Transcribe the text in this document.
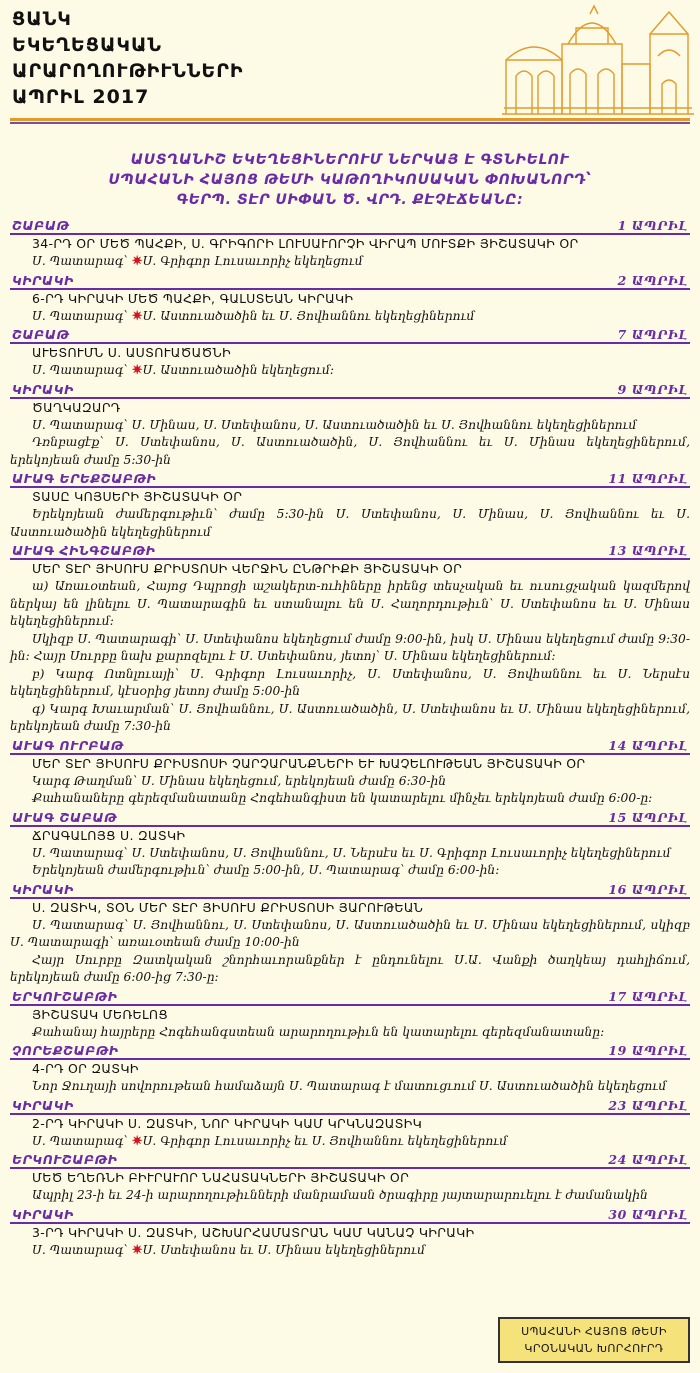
ՑԱՆԿ
ԵԿԵՂԵՑԱԿԱՆ
ԱՐԱՐՈՂՈՒԹԻՒՆՆԵՐԻ
ԱՊՐԻԼ 2017
ԱՍՏՂԱՆԻՇ ԵԿԵՂԵՑԻՆԵՐՈՒՄ ՆԵՐԿԱՅ Է ԳՏՆԻԵԼՈՒ
ՍՊԱՀԱՆԻ ՀԱՅՈՑ ԹԵՄԻ ԿԱԹՈՂԻԿՈՍԱԿԱՆ ՓՈԽԱՆՈՐԴ՝
ԳԵՐՊ. ՏԷՐ ՍԻՓԱՆ Ծ. ՎՐԴ. ՔԷՉԷՃԵԱՆԸ:
ՇԱԲԱԹ	1 ԱՊՐԻԼ
34-ՐԴ ՕՐ ՄԵԾ ՊԱՀՔԻ, Ս. ԳՐԻԳՈՐԻ ԼՈՒՍԱՒՈՐՉԻ ՎԻՐԱՊ ՄՈՒՏՔԻ ՅԻՇԱՏԱԿԻ ՕՐ
Ս. Պատարագ՝ ✷Ս. Գրիգոր Լուսաւորիչ եկեղեցում
ԿԻՐԱԿԻ	2 ԱՊՐԻԼ
6-ՐԴ ԿԻՐԱԿԻ ՄԵԾ ՊԱՀՔԻ, ԳԱԼՍՏԵԱՆ ԿԻՐԱԿԻ
Ս. Պատարագ՝ ✷Ս. Աստուածածին եւ Ս. Յովհաննու եկեղեցիներում
ՇԱԲԱԹ	7 ԱՊՐԻԼ
ԱՒԵՏՈՒՄՆ Ս. ԱՍՏՈՒԱԾԱԾՆԻ
Ս. Պատարագ՝ ✷Ս. Աստուածածին եկեղեցում:
ԿԻՐԱԿԻ	9 ԱՊՐԻԼ
ԾԱՂԿԱԶԱՐԴ
Ս. Պատարագ՝ Ս. Մինաս, Ս. Ստեփանոս, Ս. Աստուածածին եւ Ս. Յովհաննու եկեղեցիներում
Դռնբացէք՝ Ս. Ստեփանոս, Ս. Աստուածածին, Ս. Յովհաննու եւ Ս. Մինաս եկեղեցիներում, երեկոյեան ժամը 5:30-ին
ԱՒԱԳ ԵՐԵՔՇԱԲԹԻ	11 ԱՊՐԻԼ
ՏԱՍԸ ԿՈՅՍԵՐԻ ՅԻՇԱՏԱԿԻ ՕՐ
Երեկոյեան ժամերգութիւն՝ ժամը 5:30-ին Ս. Ստեփանոս, Ս. Մինաս, Ս. Յովհաննու եւ Ս. Աստուածածին եկեղեցիներում
ԱՒԱԳ ՀԻՆԳՇԱԲԹԻ	13 ԱՊՐԻԼ
ՄԵՐ ՏԷՐ ՅԻՍՈՒՍ ՔՐԻՍՏՈՍԻ ՎԵՐՋԻՆ ԸՆԹՐԻՔԻ ՅԻՇԱՏԱԿԻ ՕՐ
ա) Առաւօտեան, Հայոց Դպրոցի աշակերտ-ուհիները իրենց տեսչական եւ ուսուցչական կազմերով ներկայ են լինելու Ս. Պատարագին եւ ստանալու են Ս. Հաղորդութիւն՝ Ս. Ստեփանոս եւ Ս. Մինաս եկեղեցիներում:
Սկիզբ Ս. Պատարագի՝ Ս. Ստեփանոս եկեղեցում ժամը 9:00-ին, իսկ Ս. Մինաս եկեղեցում ժամը 9:30-ին: Հայր Սուրբը նախ քարոզելու է Ս. Ստեփանոս, յետոյ՝ Ս. Մինաս եկեղեցիներում:
բ) Կարգ Ոտնլուայի՝ Ս. Գրիգոր Լուսաւորիչ, Ս. Ստեփանոս, Ս. Յովհաննու եւ Ս. Ներսէս եկեղեցիներում, կէսօրից յետոյ ժամը 5:00-ին
գ) Կարգ Խաւարման՝ Ս. Յովհաննու, Ս. Աստուածածին, Ս. Ստեփանոս եւ Ս. Մինաս եկեղեցիներում, երեկոյեան ժամը 7:30-ին
ԱՒԱԳ ՈՒՐԲԱԹ	14 ԱՊՐԻԼ
ՄԵՐ ՏԷՐ ՅԻՍՈՒՍ ՔՐԻՍՏՈՍԻ ՉԱՐՉԱՐԱՆՔՆԵՐԻ ԵՒ ԽԱՉԵԼՈՒԹԵԱՆ ՅԻՇԱՏԱԿԻ ՕՐ
Կարգ Թաղման՝ Ս. Մինաս եկեղեցում, երեկոյեան ժամը 6:30-ին
Քահանաները գերեզմանատանը Հոգեհանգիստ են կատարելու մինչեւ երեկոյեան ժամը 6:00-ը:
ԱՒԱԳ ՇԱԲԱԹ	15 ԱՊՐԻԼ
ՃՐԱԳԱԼՈՅՑ Ս. ԶԱՏԿԻ
Ս. Պատարագ՝ Ս. Ստեփանոս, Ս. Յովհաննու, Ս. Ներսէս եւ Ս. Գրիգոր Լուսաւորիչ եկեղեցիներում
Երեկոյեան ժամերգութիւն՝ ժամը 5:00-ին, Ս. Պատարագ՝ ժամը 6:00-ին:
ԿԻՐԱԿԻ	16 ԱՊՐԻԼ
Ս. ԶԱՏԻԿ, ՏՕՆ ՄԵՐ ՏԷՐ ՅԻՍՈՒՍ ՔՐԻՍՏՈՍԻ ՅԱՐՈՒԹԵԱՆ
Ս. Պատարագ՝ Ս. Յովհաննու, Ս. Ստեփանոս, Ս. Աստուածածին եւ Ս. Մինաս եկեղեցիներում, սկիզբ Ս. Պատարագի՝ առաւօտեան ժամը 10:00-ին
Հայր Սուրբը Զատկական շնորհաւորանքներ է ընդունելու Ս.Ա. Վանքի ծաղկեայ դահլիճում, երեկոյեան ժամը 6:00-ից 7:30-ը:
ԵՐԿՈՒՇԱԲԹԻ	17 ԱՊՐԻԼ
ՅԻՇԱՏԱԿ ՄԵՌԵԼՈՑ
Քահանայ հայրերը Հոգեհանգստեան արարողութիւն են կատարելու գերեզմանատանը:
ՉՈՐԵՔՇԱԲԹԻ	19 ԱՊՐԻԼ
4-ՐԴ ՕՐ ԶԱՏԿԻ
Նոր Ջուղայի սովորութեան համաձայն Ս. Պատարագ է մատուցւում Ս. Աստուածածին եկեղեցում
ԿԻՐԱԿԻ	23 ԱՊՐԻԼ
2-ՐԴ ԿԻՐԱԿԻ Ս. ԶԱՏԿԻ, ՆՈՐ ԿԻՐԱԿԻ ԿԱՄ ԿՐԿՆԱԶԱՏԻԿ
Ս. Պատարագ՝ ✷Ս. Գրիգոր Լուսաւորիչ եւ Ս. Յովհաննու եկեղեցիներում
ԵՐԿՈՒՇԱԲԹԻ	24 ԱՊՐԻԼ
ՄԵԾ ԵՂԵՌՆԻ ԲԻՒՐԱՒՈՐ ՆԱՀԱՏԱԿՆԵՐԻ ՅԻՇԱՏԱԿԻ ՕՐ
Ապրիլ 23-ի եւ 24-ի արարողութիւնների մանրամասն ծրագիրը յայտարարուելու է ժամանակին
ԿԻՐԱԿԻ	30 ԱՊՐԻԼ
3-ՐԴ ԿԻՐԱԿԻ Ս. ԶԱՏԿԻ, ԱՇԽԱՐՀԱՄԱՏՐԱՆ ԿԱՄ ԿԱՆԱՉ ԿԻՐԱԿԻ
Ս. Պատարագ՝ ✷Ս. Ստեփանոս եւ Ս. Մինաս եկեղեցիներում
ՍՊԱՀԱՆԻ ՀԱՅՈՑ ԹԵՄԻ
ԿՐՕՆԱԿԱՆ ԽՈՐՀՈՒՐԴ
